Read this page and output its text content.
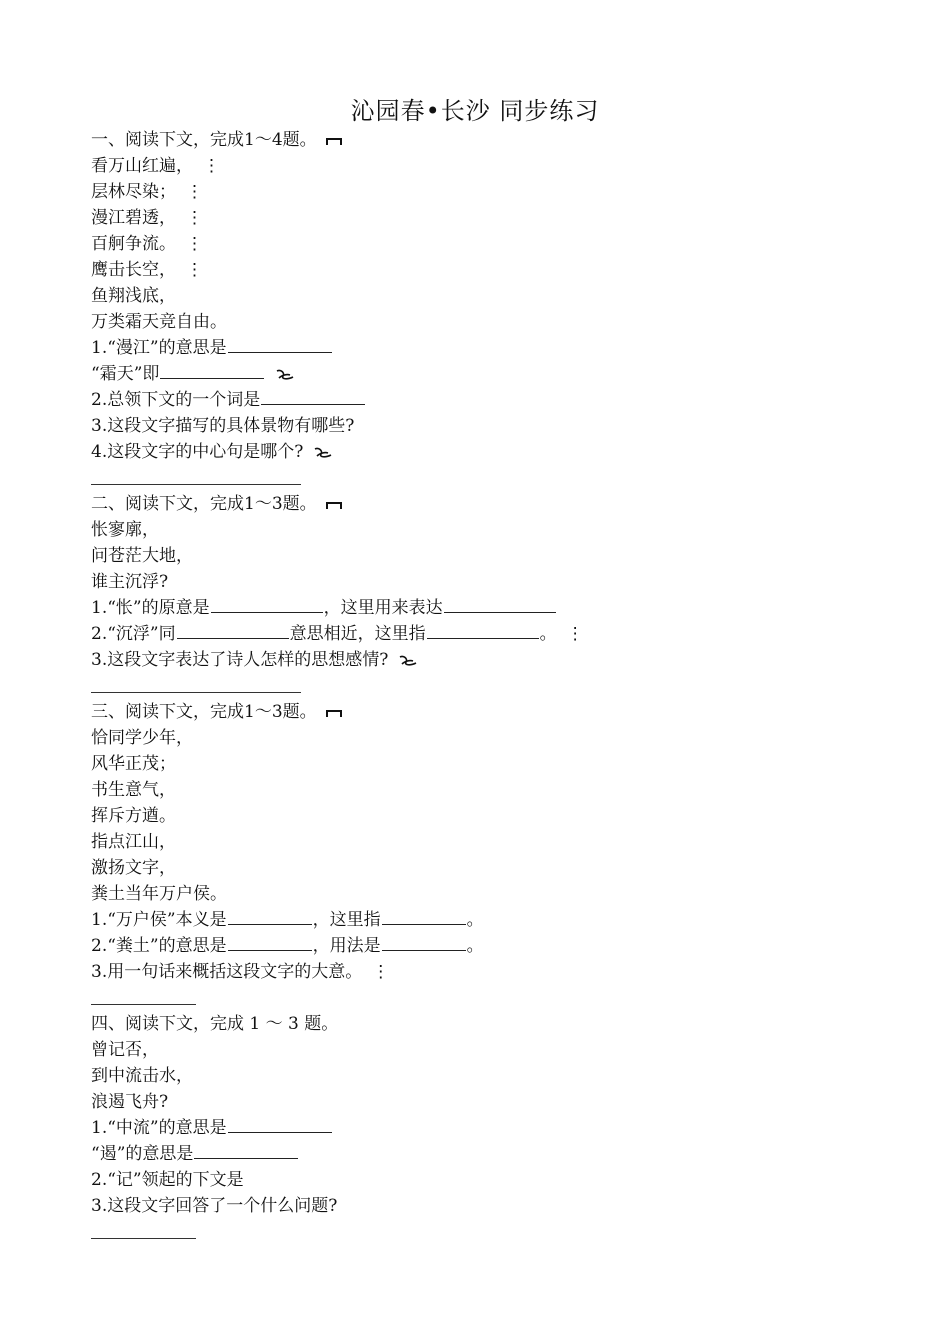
沁园春•长沙 同步练习
一、阅读下文，完成1～4题。
看万山红遍， ⋮
层林尽染； ⋮
漫江碧透， ⋮
百舸争流。 ⋮
鹰击长空， ⋮
鱼翔浅底，
万类霜天竞自由。
1.“漫江”的意思是
“霜天”即
2.总领下文的一个词是
3.这段文字描写的具体景物有哪些?
4.这段文字的中心句是哪个?
二、阅读下文，完成1～3题。
怅寥廓，
问苍茫大地，
谁主沉浮?
1.“怅”的原意是	，这里用来表达
2.“沉浮”同	意思相近，这里指	。 ⋮
3.这段文字表达了诗人怎样的思想感情?
三、阅读下文，完成1～3题。
恰同学少年，
风华正茂；
书生意气，
挥斥方遒。
指点江山，
激扬文字，
粪土当年万户侯。
1.“万户侯”本义是	，这里指	。
2.“粪土”的意思是	，用法是	。
3.用一句话来概括这段文字的大意。 ⋮
四、阅读下文，完成 1 ～ 3 题。
曾记否，
到中流击水，
浪遏飞舟?
1.“中流”的意思是
“遏”的意思是
2.“记”领起的下文是
3.这段文字回答了一个什么问题?
